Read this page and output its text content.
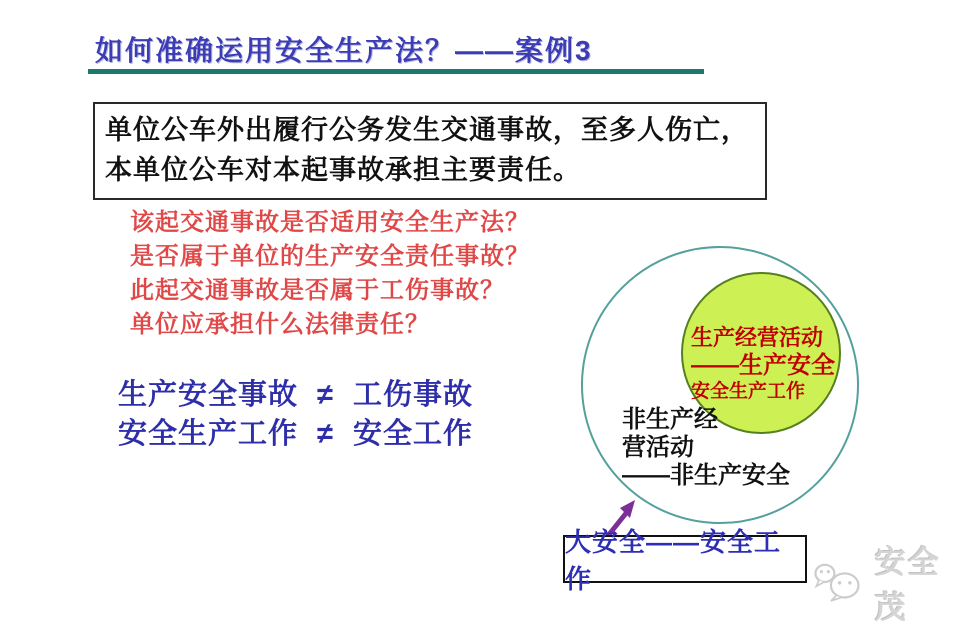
如何准确运用安全生产法？——案例3
单位公车外出履行公务发生交通事故，至多人伤亡，本单位公车对本起事故承担主要责任。
该起交通事故是否适用安全生产法？
是否属于单位的生产安全责任事故？
此起交通事故是否属于工伤事故？
单位应承担什么法律责任？
生产安全事故 ≠ 工伤事故
安全生产工作 ≠ 安全工作
生产经营活动
——生产安全
安全生产工作
非生产经
营活动
——非生产安全
大安全——安全工作	安全茂
